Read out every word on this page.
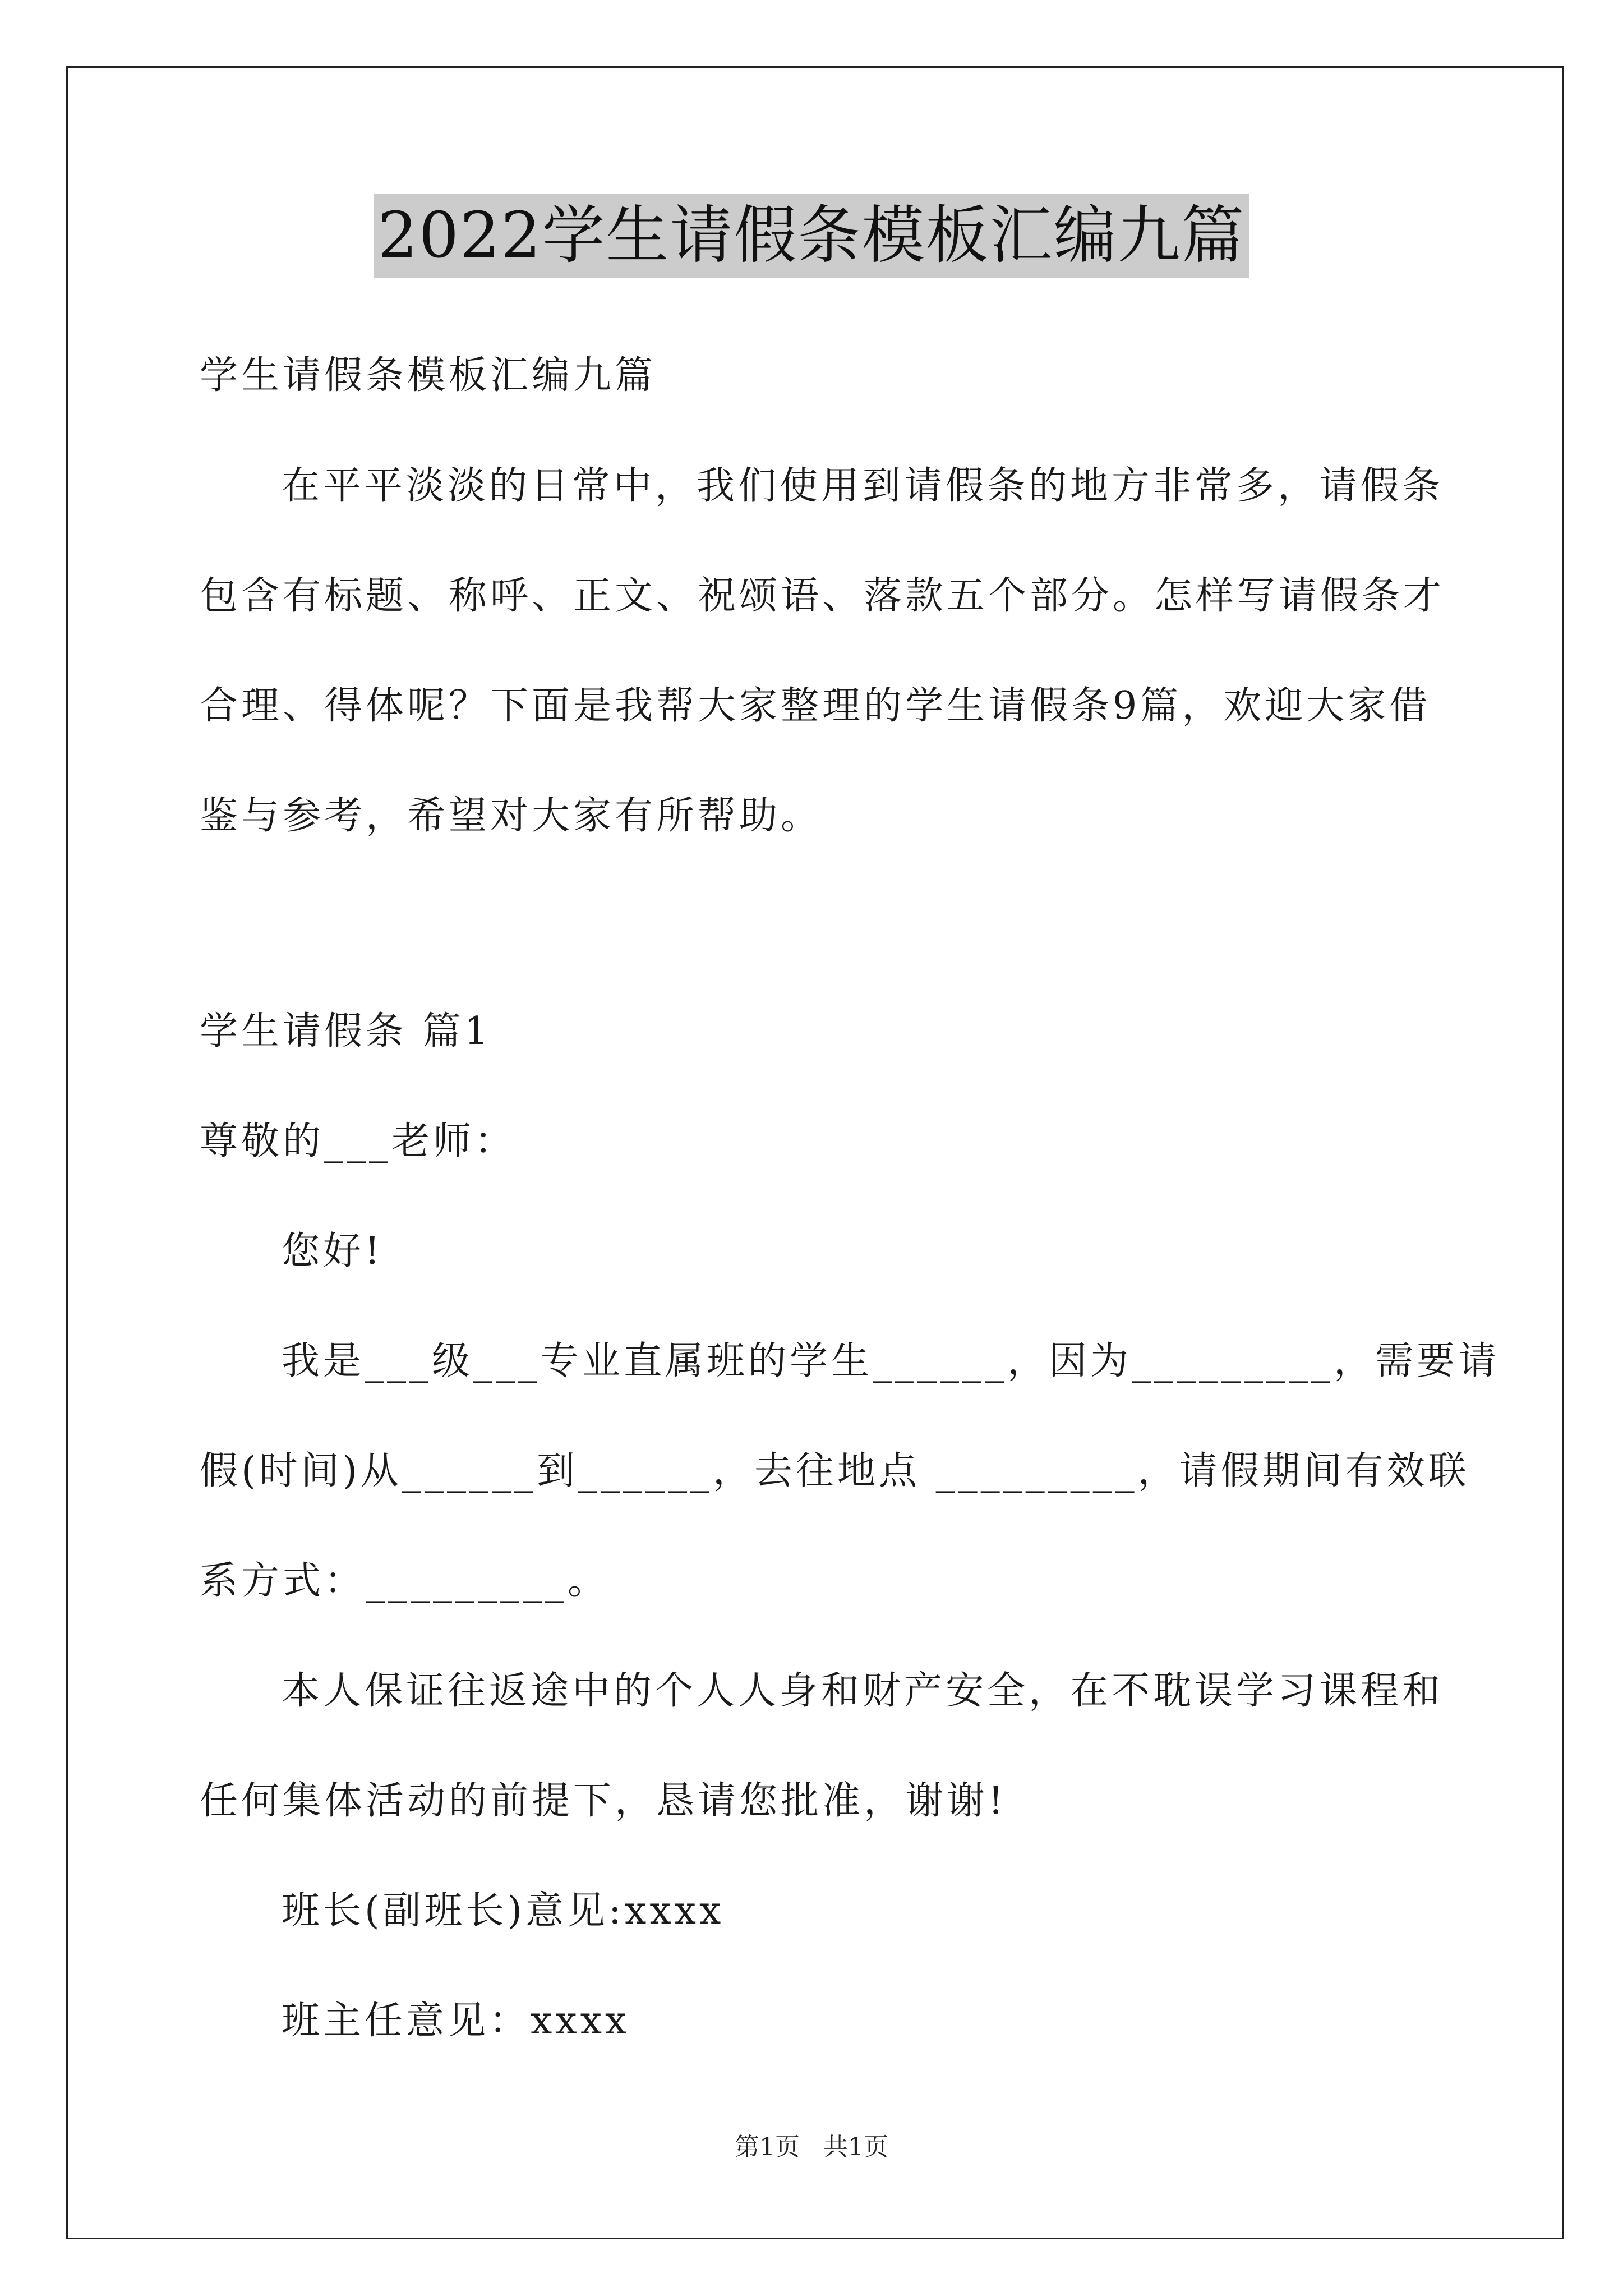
2022学生请假条模板汇编九篇
学生请假条模板汇编九篇
在平平淡淡的日常中，我们使用到请假条的地方非常多，请假条
包含有标题、称呼、正文、祝颂语、落款五个部分。怎样写请假条才
合理、得体呢？下面是我帮大家整理的学生请假条9篇，欢迎大家借
鉴与参考，希望对大家有所帮助。
学生请假条 篇1
尊敬的___老师：
您好!
我是___级___专业直属班的学生______，因为_________，需要请
假(时间)从______到______，去往地点 _________，请假期间有效联
系方式：_________。
本人保证往返途中的个人人身和财产安全，在不耽误学习课程和
任何集体活动的前提下，恳请您批准，谢谢!
班长(副班长)意见:xxxx
班主任意见：xxxx
第1页 共1页
